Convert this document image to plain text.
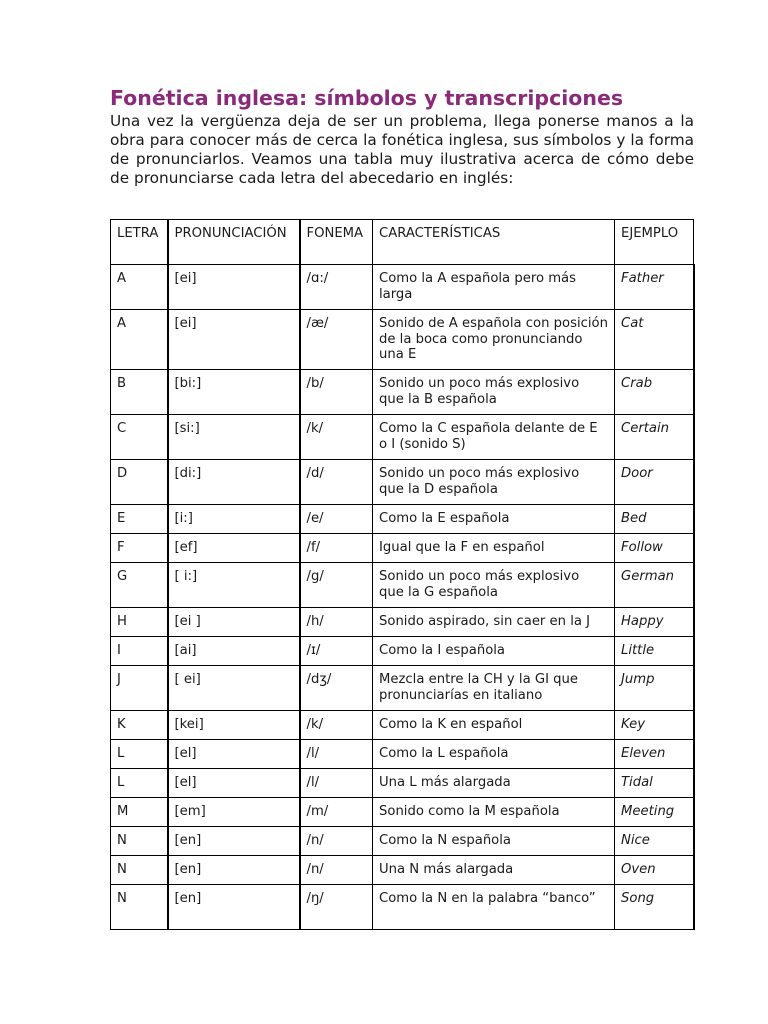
Fonética inglesa: símbolos y transcripciones

Una vez la vergüenza deja de ser un problema, llega ponerse manos a la obra para conocer más de cerca la fonética inglesa, sus símbolos y la forma de pronunciarlos. Veamos una tabla muy ilustrativa acerca de cómo debe de pronunciarse cada letra del abecedario en inglés:

LETRA	PRONUNCIACIÓN	FONEMA	CARACTERÍSTICAS	EJEMPLO
A	[ei]	/ɑ:/	Como la A española pero más larga	Father
A	[ei]	/æ/	Sonido de A española con posición de la boca como pronunciando una E	Cat
B	[bi:]	/b/	Sonido un poco más explosivo que la B española	Crab
C	[si:]	/k/	Como la C española delante de E o I (sonido S)	Certain
D	[di:]	/d/	Sonido un poco más explosivo que la D española	Door
E	[i:]	/e/	Como la E española	Bed
F	[ef]	/f/	Igual que la F en español	Follow
G	[ i:]	/g/	Sonido un poco más explosivo que la G española	German
H	[ei ]	/h/	Sonido aspirado, sin caer en la J	Happy
I	[ai]	/ɪ/	Como la I española	Little
J	[ ei]	/dʒ/	Mezcla entre la CH y la GI que pronunciarías en italiano	Jump
K	[kei]	/k/	Como la K en español	Key
L	[el]	/l/	Como la L española	Eleven
L	[el]	/l/	Una L más alargada	Tidal
M	[em]	/m/	Sonido como la M española	Meeting
N	[en]	/n/	Como la N española	Nice
N	[en]	/n/	Una N más alargada	Oven
N	[en]	/ŋ/	Como la N en la palabra “banco”	Song
